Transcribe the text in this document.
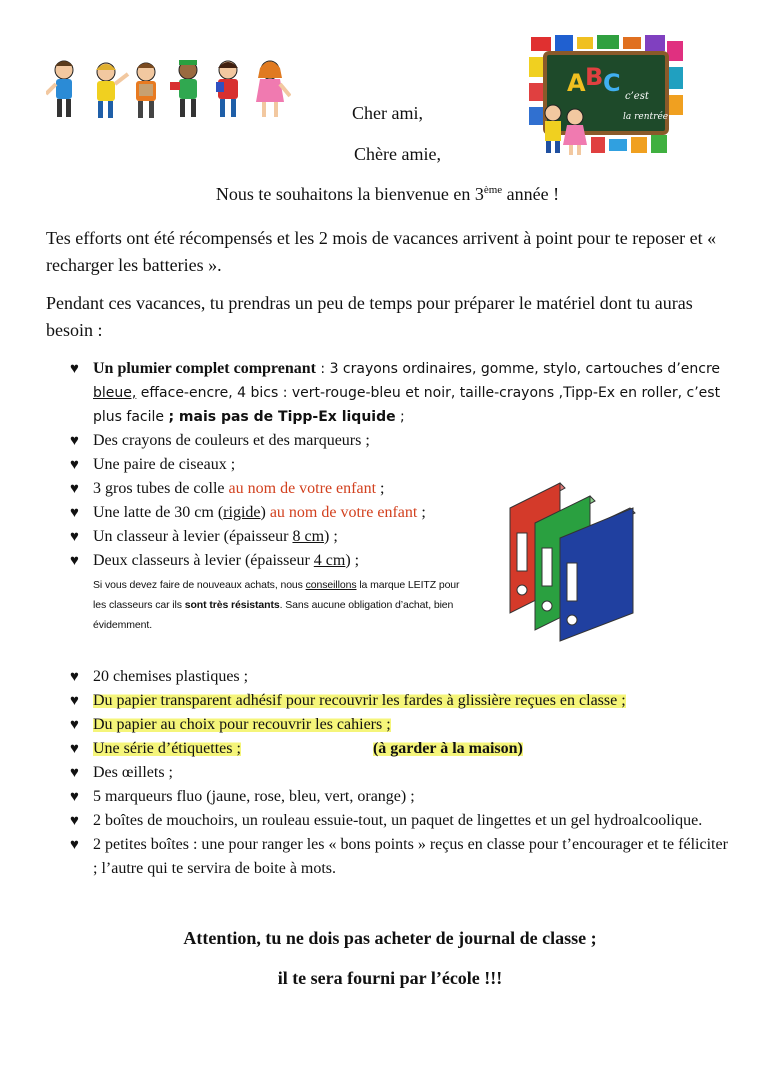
A B C c’est
la rentrée
Cher ami,
Chère amie,
Nous te souhaitons la bienvenue en 3ème année !
Tes efforts ont été récompensés et les 2 mois de vacances arrivent à point pour te reposer et « recharger les batteries ».
Pendant ces vacances, tu prendras un peu de temps pour préparer le matériel dont tu auras besoin :
♥ Un plumier complet comprenant : 3 crayons ordinaires, gomme, stylo, cartouches d’encre bleue, efface-encre, 4 bics : vert-rouge-bleu et noir, taille-crayons ,Tipp-Ex en roller, c’est plus facile ; mais pas de Tipp-Ex liquide ;
♥ Des crayons de couleurs et des marqueurs ;
♥ Une paire de ciseaux ;
♥ 3 gros tubes de colle au nom de votre enfant ;
♥ Une latte de 30 cm (rigide) au nom de votre enfant ;
♥ Un classeur à levier (épaisseur 8 cm) ;
♥ Deux classeurs à levier (épaisseur 4 cm) ;
Si vous devez faire de nouveaux achats, nous conseillons la marque LEITZ pour les classeurs car ils sont très résistants. Sans aucune obligation d’achat, bien évidemment.
♥ 20 chemises plastiques ;
♥ Du papier transparent adhésif pour recouvrir les fardes à glissière reçues en classe ;
♥ Du papier au choix pour recouvrir les cahiers ;
♥ Une série d’étiquettes ;	(à garder à la maison)
♥ Des œillets ;
♥ 5 marqueurs fluo (jaune, rose, bleu, vert, orange) ;
♥ 2 boîtes de mouchoirs, un rouleau essuie-tout, un paquet de lingettes et un gel hydroalcoolique.
♥ 2 petites boîtes : une pour ranger les « bons points » reçus en classe pour t’encourager et te féliciter ; l’autre qui te servira de boite à mots.
Attention, tu ne dois pas acheter de journal de classe ;
il te sera fourni par l’école !!!
